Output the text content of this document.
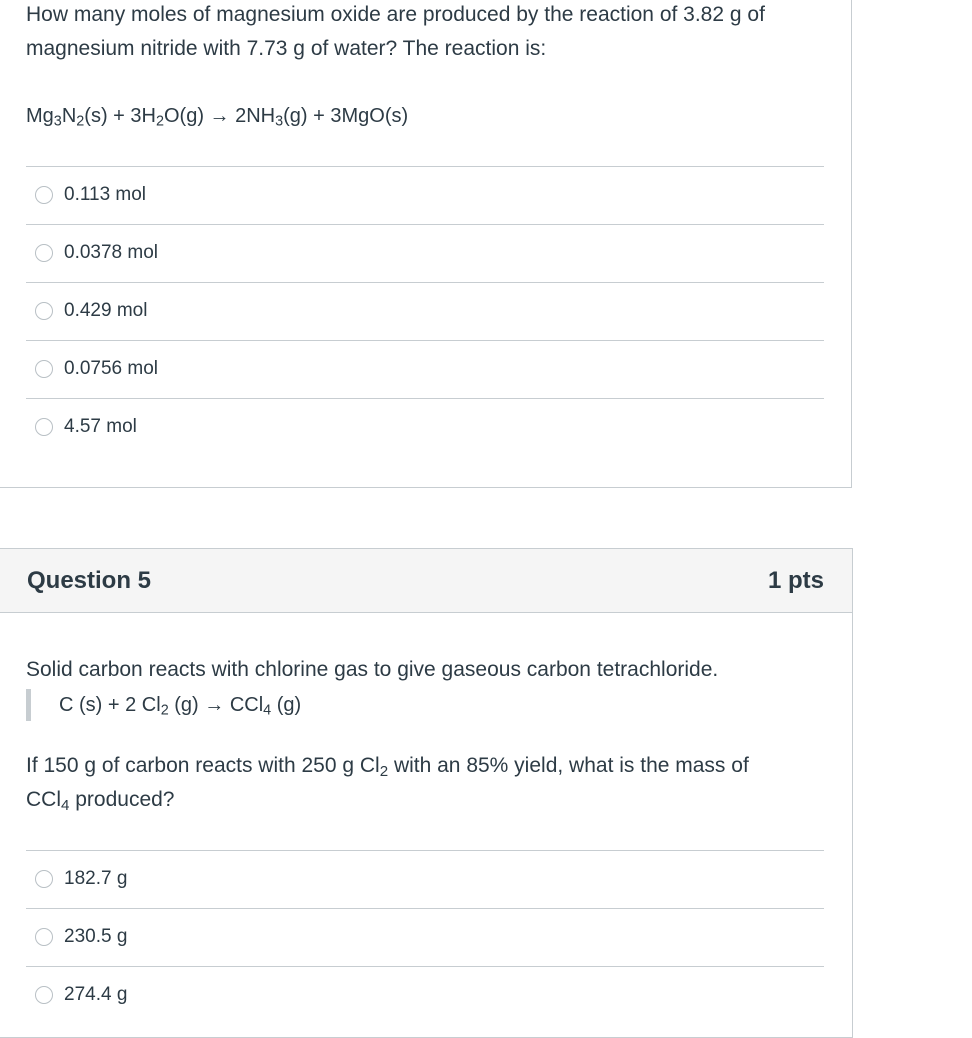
How many moles of magnesium oxide are produced by the reaction of 3.82 g of
magnesium nitride with 7.73 g of water? The reaction is:
$Mg_3N_2(s) + 3H_2O(g) \to 2NH_3(g) + 3MgO(s)$
0.113 mol
0.0378 mol
0.429 mol
0.0756 mol
4.57 mol
Question 5	1 pts
Solid carbon reacts with chlorine gas to give gaseous carbon tetrachloride.
C (s) + 2 $Cl_2$ (g) → CCl$_4$ (g)
If 150 g of carbon reacts with 250 g $Cl_2$ with an 85% yield, what is the mass of
CCl$_4$ produced?
182.7 g
230.5 g
274.4 g
